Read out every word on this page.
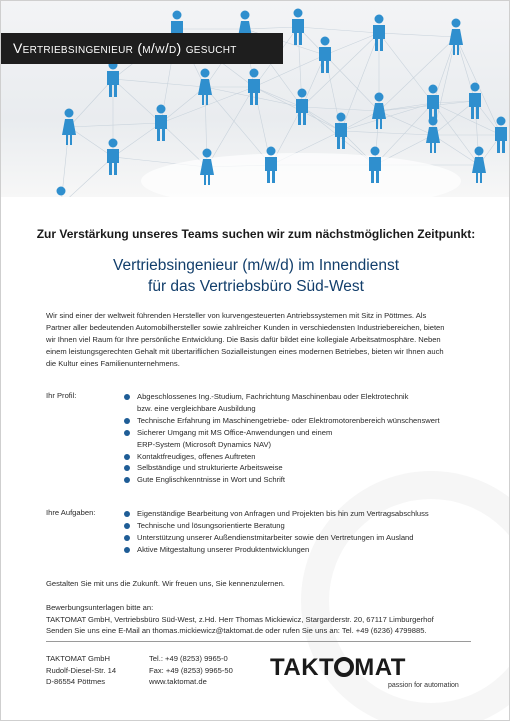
Vertriebsingenieur (m/w/d) gesucht
Zur Verstärkung unseres Teams suchen wir zum nächstmöglichen Zeitpunkt:
Vertriebsingenieur (m/w/d) im Innendienst
für das Vertriebsbüro Süd-West
Wir sind einer der weltweit führenden Hersteller von kurvengesteuerten Antriebssystemen mit Sitz in Pöttmes. Als
Partner aller bedeutenden Automobilhersteller sowie zahlreicher Kunden in verschiedensten Industriebereichen, bieten
wir Ihnen viel Raum für Ihre persönliche Entwicklung. Die Basis dafür bildet eine kollegiale Arbeitsatmosphäre. Neben
einem leistungsgerechten Gehalt mit übertariflichen Sozialleistungen eines modernen Betriebes, bieten wir Ihnen auch
die Kultur eines Familienunternehmens.
Ihr Profil:	Abgeschlossenes Ing.-Studium, Fachrichtung Maschinenbau oder Elektrotechnik
bzw. eine vergleichbare Ausbildung
Technische Erfahrung im Maschinengetriebe- oder Elektromotorenbereich wünschenswert
Sicherer Umgang mit MS Office-Anwendungen und einem
ERP-System (Microsoft Dynamics NAV)
Kontaktfreudiges, offenes Auftreten
Selbständige und strukturierte Arbeitsweise
Gute Englischkenntnisse in Wort und Schrift
Ihre Aufgaben:	Eigenständige Bearbeitung von Anfragen und Projekten bis hin zum Vertragsabschluss
Technische und lösungsorientierte Beratung
Unterstützung unserer Außendienstmitarbeiter sowie den Vertretungen im Ausland
Aktive Mitgestaltung unserer Produktentwicklungen
Gestalten Sie mit uns die Zukunft. Wir freuen uns, Sie kennenzulernen.
Bewerbungsunterlagen bitte an:
TAKTOMAT GmbH, Vertriebsbüro Süd-West, z.Hd. Herr Thomas Mickiewicz, Stargarderstr. 20, 67117 Limburgerhof
Senden Sie uns eine E-Mail an thomas.mickiewicz@taktomat.de oder rufen Sie uns an: Tel. +49 (6236) 4799885.
TAKTOMAT GmbH
Rudolf-Diesel-Str. 14
D-86554 Pöttmes
Tel.: +49 (8253) 9965-0
Fax: +49 (8253) 9965-50
www.taktomat.de
TAKT MAT
passion for automation
